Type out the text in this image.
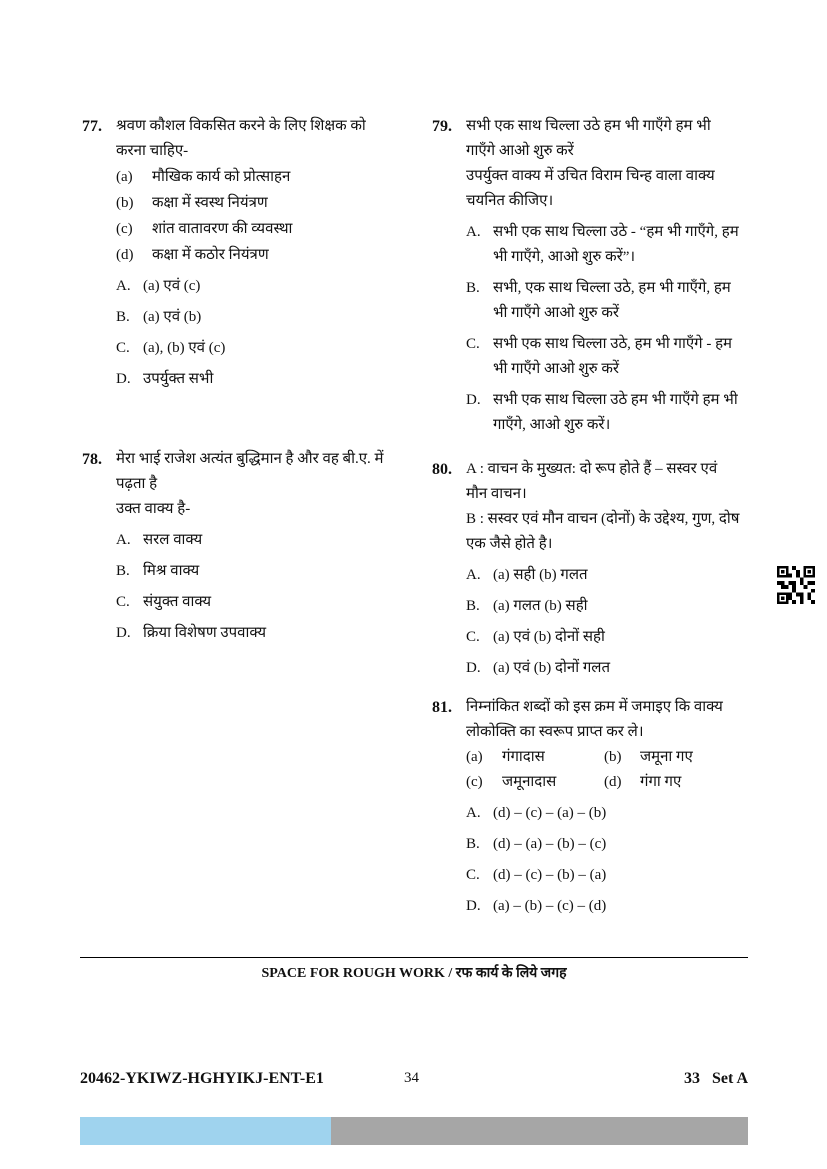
77. श्रवण कौशल विकसित करने के लिए शिक्षक को करना चाहिए-
(a)	मौखिक कार्य को प्रोत्साहन
(b)	कक्षा में स्वस्थ नियंत्रण
(c)	शांत वातावरण की व्यवस्था
(d)	कक्षा में कठोर नियंत्रण
A. (a) एवं (c)
B. (a) एवं (b)
C. (a), (b) एवं (c)
D. उपर्युक्त सभी
78. मेरा भाई राजेश अत्यंत बुद्धिमान है और वह बी.ए. में पढ़ता है
उक्त वाक्य है-
A. सरल वाक्य
B. मिश्र वाक्य
C. संयुक्त वाक्य
D. क्रिया विशेषण उपवाक्य
79. सभी एक साथ चिल्ला उठे हम भी गाएँगे हम भी गाएँगे आओ शुरु करें
उपर्युक्त वाक्य में उचित विराम चिन्ह वाला वाक्य चयनित कीजिए।
A. सभी एक साथ चिल्ला उठे - “हम भी गाएँगे, हम भी गाएँगे, आओ शुरु करें”।
B. सभी, एक साथ चिल्ला उठे, हम भी गाएँगे, हम भी गाएँगे आओ शुरु करें
C. सभी एक साथ चिल्ला उठे, हम भी गाएँगे - हम भी गाएँगे आओ शुरु करें
D. सभी एक साथ चिल्ला उठे हम भी गाएँगे हम भी गाएँगे, आओ शुरु करें।
80. A : वाचन के मुख्यत: दो रूप होते हैं – सस्वर एवं मौन वाचन।
B : सस्वर एवं मौन वाचन (दोनों) के उद्देश्य, गुण, दोष एक जैसे होते है।
A. (a) सही (b) गलत
B. (a) गलत (b) सही
C. (a) एवं (b) दोनों सही
D. (a) एवं (b) दोनों गलत
81. निम्नांकित शब्दों को इस क्रम में जमाइए कि वाक्य लोकोक्ति का स्वरूप प्राप्त कर ले।
(a)	गंगादास	(b)	जमूना गए
(c)	जमूनादास	(d)	गंगा गए
A. (d) – (c) – (a) – (b)
B. (d) – (a) – (b) – (c)
C. (d) – (c) – (b) – (a)
D. (a) – (b) – (c) – (d)
SPACE FOR ROUGH WORK / रफ कार्य के लिये जगह
20462-YKIWZ-HGHYIKJ-ENT-E1	34	33   Set A
